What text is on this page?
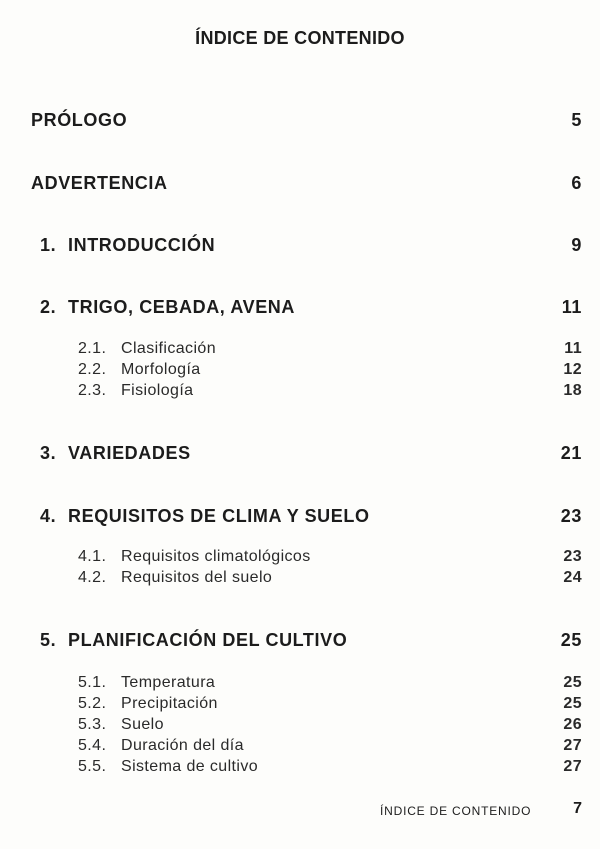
ÍNDICE DE CONTENIDO
PRÓLOGO	5
ADVERTENCIA	6
1. INTRODUCCIÓN	9
2. TRIGO, CEBADA, AVENA	11
2.1. Clasificación	11
2.2. Morfología	12
2.3. Fisiología	18
3. VARIEDADES	21
4. REQUISITOS DE CLIMA Y SUELO	23
4.1. Requisitos climatológicos	23
4.2. Requisitos del suelo	24
5. PLANIFICACIÓN DEL CULTIVO	25
5.1. Temperatura	25
5.2. Precipitación	25
5.3. Suelo	26
5.4. Duración del día	27
5.5. Sistema de cultivo	27
ÍNDICE DE CONTENIDO	7
